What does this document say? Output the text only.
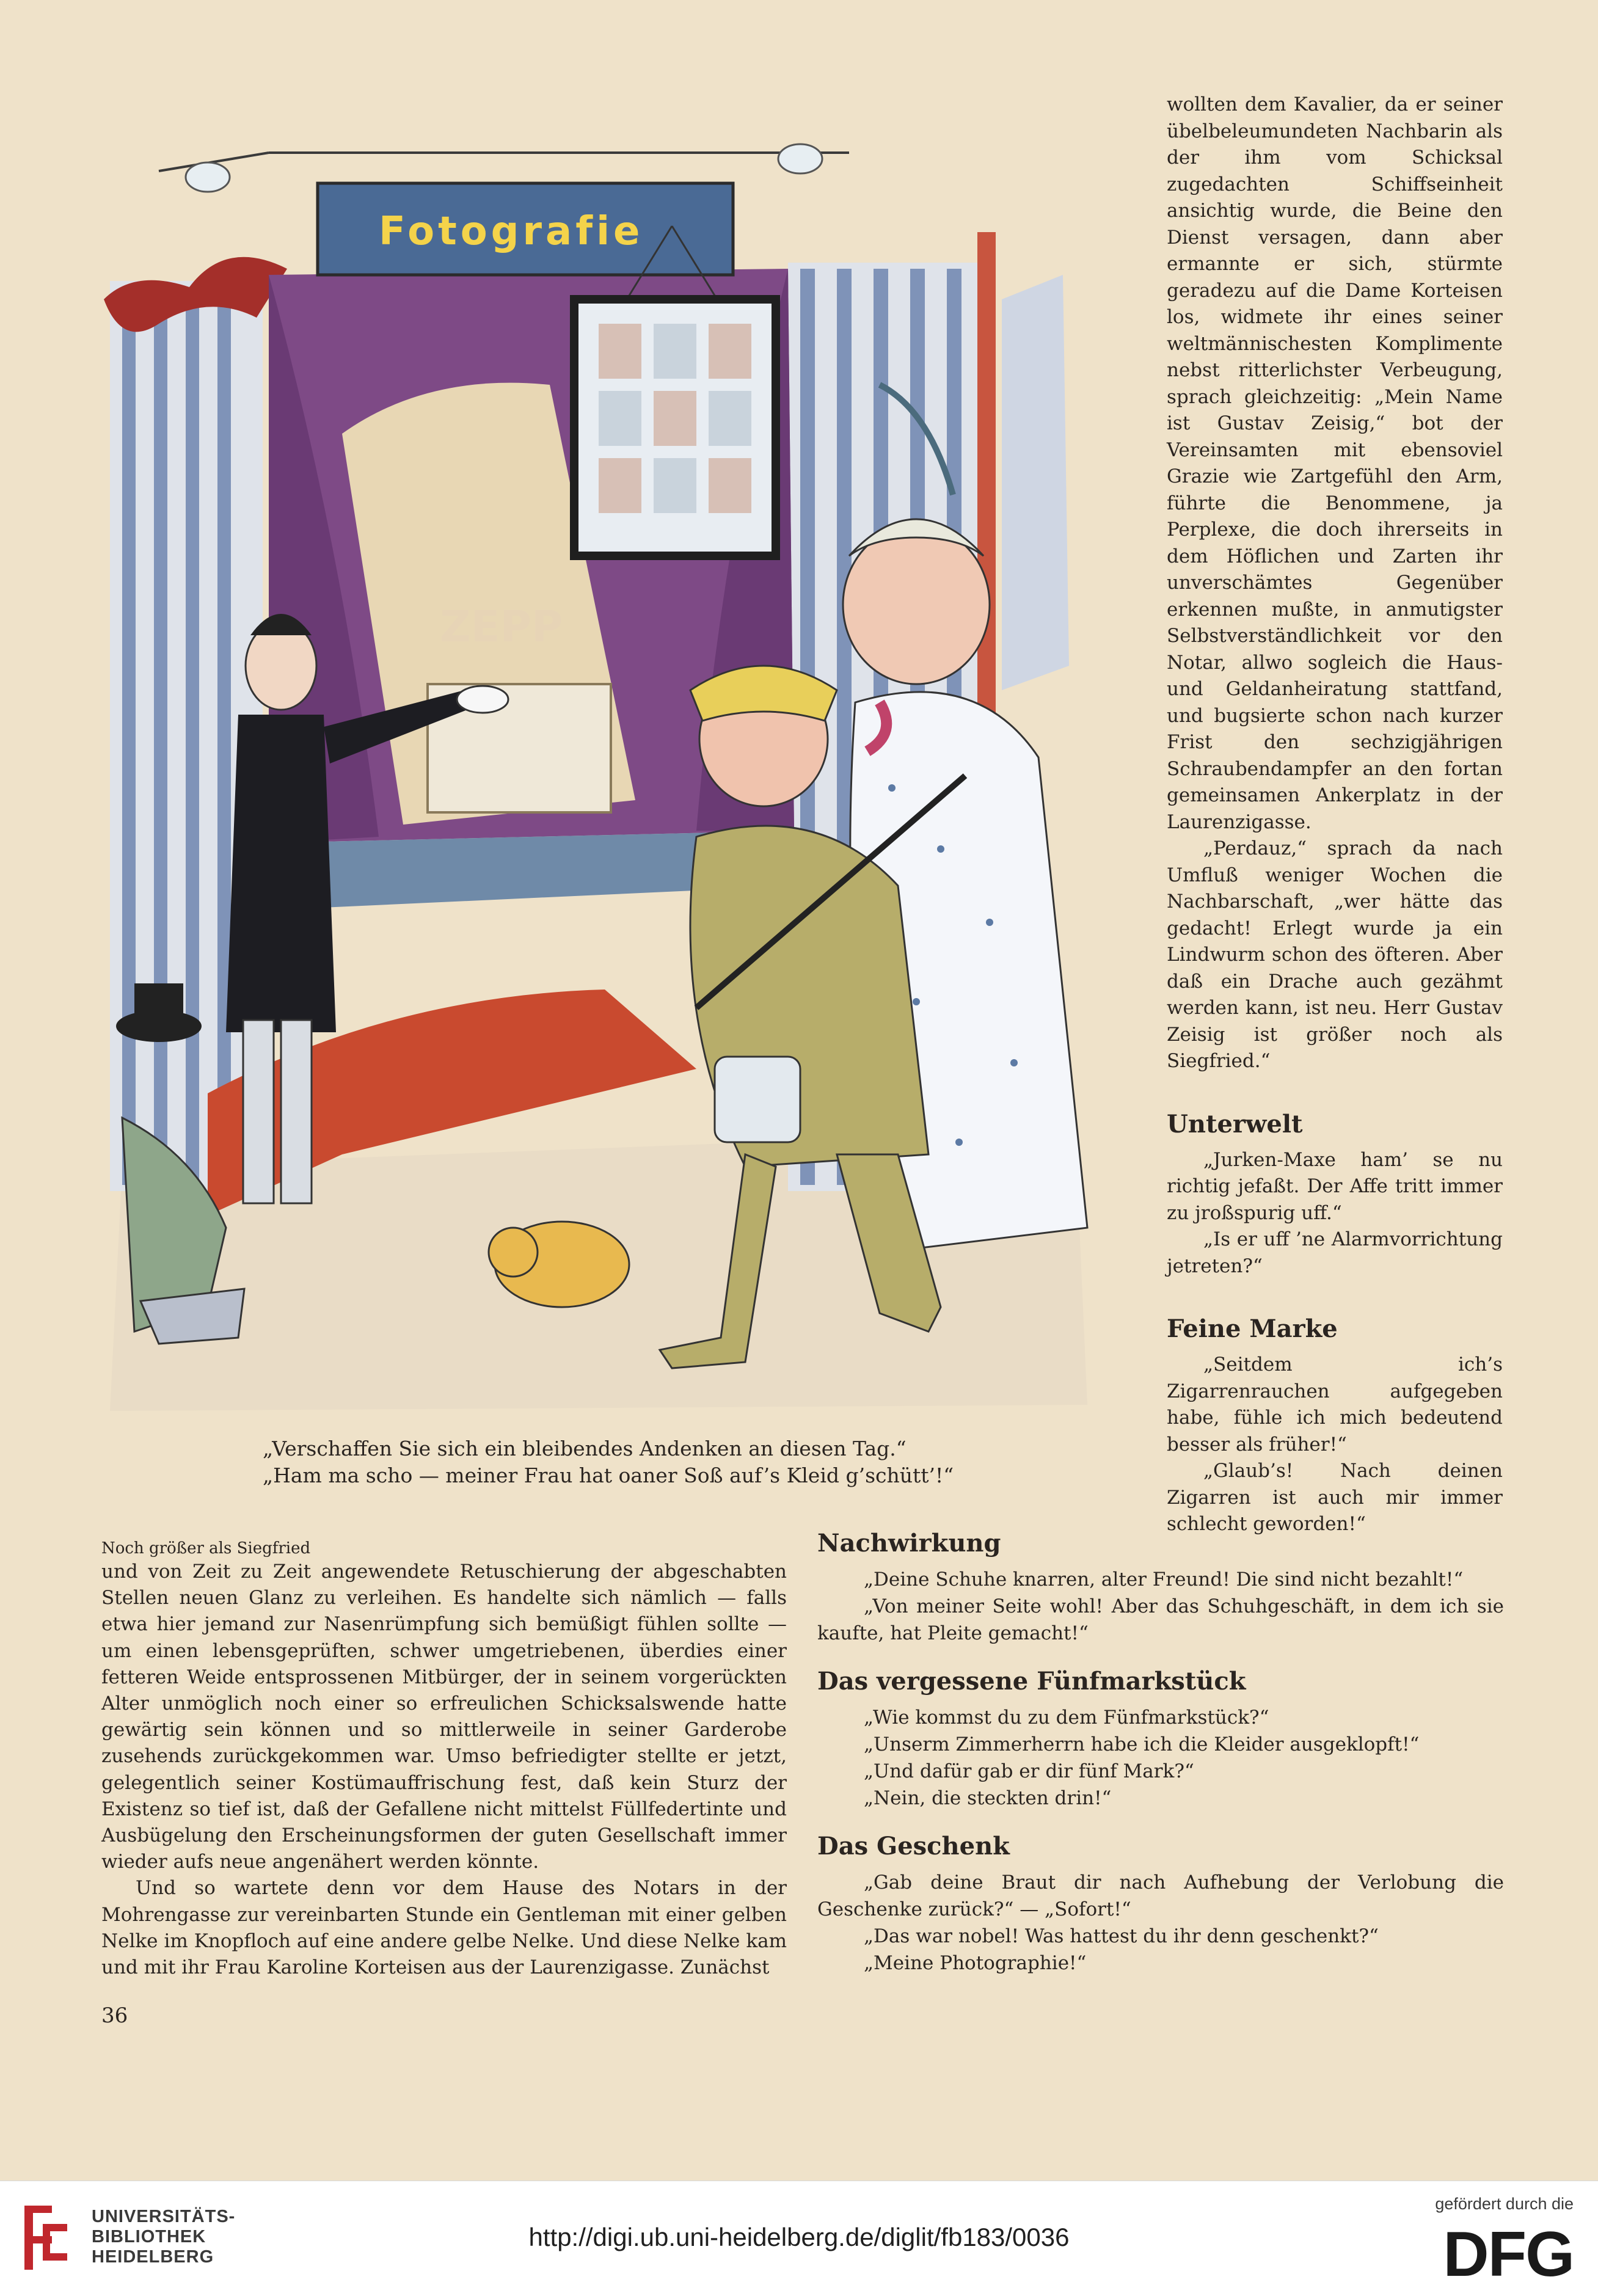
ZEPP
Fotografie

„Verschaffen Sie sich ein bleibendes Andenken an diesen Tag.“

„Ham ma scho — meiner Frau hat oaner Soß auf’s Kleid g’schütt’!“

wollten dem Kavalier, da er seiner übelbeleumundeten Nachbarin als der ihm vom Schicksal zugedachten Schiffseinheit ansichtig wurde, die Beine den Dienst versagen, dann aber ermannte er sich, stürmte geradezu auf die Dame Korteisen los, widmete ihr eines seiner weltmännischesten Komplimente nebst ritterlichster Verbeugung, sprach gleichzeitig: „Mein Name ist Gustav Zeisig,“ bot der Vereinsamten mit ebensoviel Grazie wie Zartgefühl den Arm, führte die Benommene, ja Perplexe, die doch ihrerseits in dem Höflichen und Zarten ihr unverschämtes Gegenüber erkennen mußte, in anmutigster Selbstverständlichkeit vor den Notar, allwo sogleich die Haus- und Geldanheiratung stattfand, und bugsierte schon nach kurzer Frist den sechzigjährigen Schraubendampfer an den fortan gemeinsamen Ankerplatz in der Laurenzigasse.

„Perdauz,“ sprach da nach Umfluß weniger Wochen die Nachbarschaft, „wer hätte das gedacht! Erlegt wurde ja ein Lindwurm schon des öfteren. Aber daß ein Drache auch gezähmt werden kann, ist neu. Herr Gustav Zeisig ist größer noch als Siegfried.“

Unterwelt

„Jurken-Maxe ham’ se nu richtig jefaßt. Der Affe tritt immer zu jroßspurig uff.“

„Is er uff ’ne Alarmvorrichtung jetreten?“

Feine Marke

„Seitdem ich’s Zigarrenrauchen aufgegeben habe, fühle ich mich bedeutend besser als früher!“

„Glaub’s! Nach deinen Zigarren ist auch mir immer schlecht geworden!“

Noch größer als Siegfried

und von Zeit zu Zeit angewendete Retuschierung der abgeschabten Stellen neuen Glanz zu verleihen. Es handelte sich nämlich — falls etwa hier jemand zur Nasenrümpfung sich bemüßigt fühlen sollte — um einen lebensgeprüften, schwer umgetriebenen, überdies einer fetteren Weide entsprossenen Mitbürger, der in seinem vorgerückten Alter unmöglich noch einer so erfreulichen Schicksalswende hatte gewärtig sein können und so mittlerweile in seiner Garderobe zusehends zurückgekommen war. Umso befriedigter stellte er jetzt, gelegentlich seiner Kostümauffrischung fest, daß kein Sturz der Existenz so tief ist, daß der Gefallene nicht mittelst Füllfedertinte und Ausbügelung den Erscheinungsformen der guten Gesellschaft immer wieder aufs neue angenähert werden könnte.

Und so wartete denn vor dem Hause des Notars in der Mohrengasse zur vereinbarten Stunde ein Gentleman mit einer gelben Nelke im Knopfloch auf eine andere gelbe Nelke. Und diese Nelke kam und mit ihr Frau Karoline Korteisen aus der Laurenzigasse. Zunächst

36
Nachwirkung

„Deine Schuhe knarren, alter Freund! Die sind nicht bezahlt!“

„Von meiner Seite wohl! Aber das Schuhgeschäft, in dem ich sie kaufte, hat Pleite gemacht!“

Das vergessene Fünfmarkstück

„Wie kommst du zu dem Fünfmarkstück?“

„Unserm Zimmerherrn habe ich die Kleider ausgeklopft!“

„Und dafür gab er dir fünf Mark?“

„Nein, die steckten drin!“

Das Geschenk

„Gab deine Braut dir nach Aufhebung der Verlobung die Geschenke zurück?“ — „Sofort!“

„Das war nobel! Was hattest du ihr denn geschenkt?“

„Meine Photographie!“

UNIVERSITÄTS-
BIBLIOTHEK
HEIDELBERG
http://digi.ub.uni-heidelberg.de/diglit/fb183/0036
gefördert durch die
DFG
